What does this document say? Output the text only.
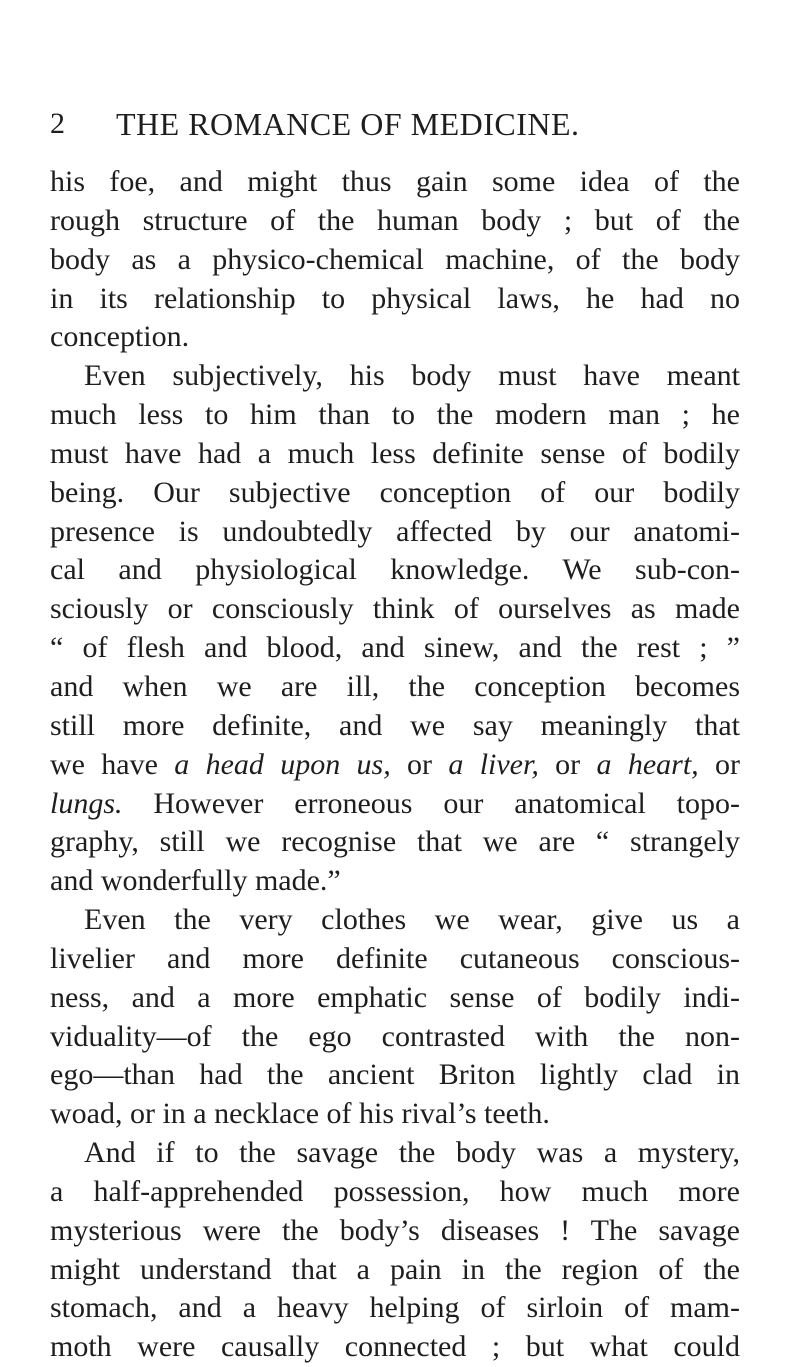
2 THE ROMANCE OF MEDICINE.
his foe, and might thus gain some idea of the
rough structure of the human body ; but of the
body as a physico-chemical machine, of the body
in its relationship to physical laws, he had no
conception.
Even subjectively, his body must have meant
much less to him than to the modern man ; he
must have had a much less definite sense of bodily
being. Our subjective conception of our bodily
presence is undoubtedly affected by our anatomi-
cal and physiological knowledge. We sub-con-
sciously or consciously think of ourselves as made
“ of flesh and blood, and sinew, and the rest ; ”
and when we are ill, the conception becomes
still more definite, and we say meaningly that
we have a head upon us, or a liver, or a heart, or
lungs. However erroneous our anatomical topo-
graphy, still we recognise that we are “ strangely
and wonderfully made.”
Even the very clothes we wear, give us a
livelier and more definite cutaneous conscious-
ness, and a more emphatic sense of bodily indi-
viduality—of the ego contrasted with the non-
ego—than had the ancient Briton lightly clad in
woad, or in a necklace of his rival’s teeth.
And if to the savage the body was a mystery,
a half-apprehended possession, how much more
mysterious were the body’s diseases ! The savage
might understand that a pain in the region of the
stomach, and a heavy helping of sirloin of mam-
moth were causally connected ; but what could
